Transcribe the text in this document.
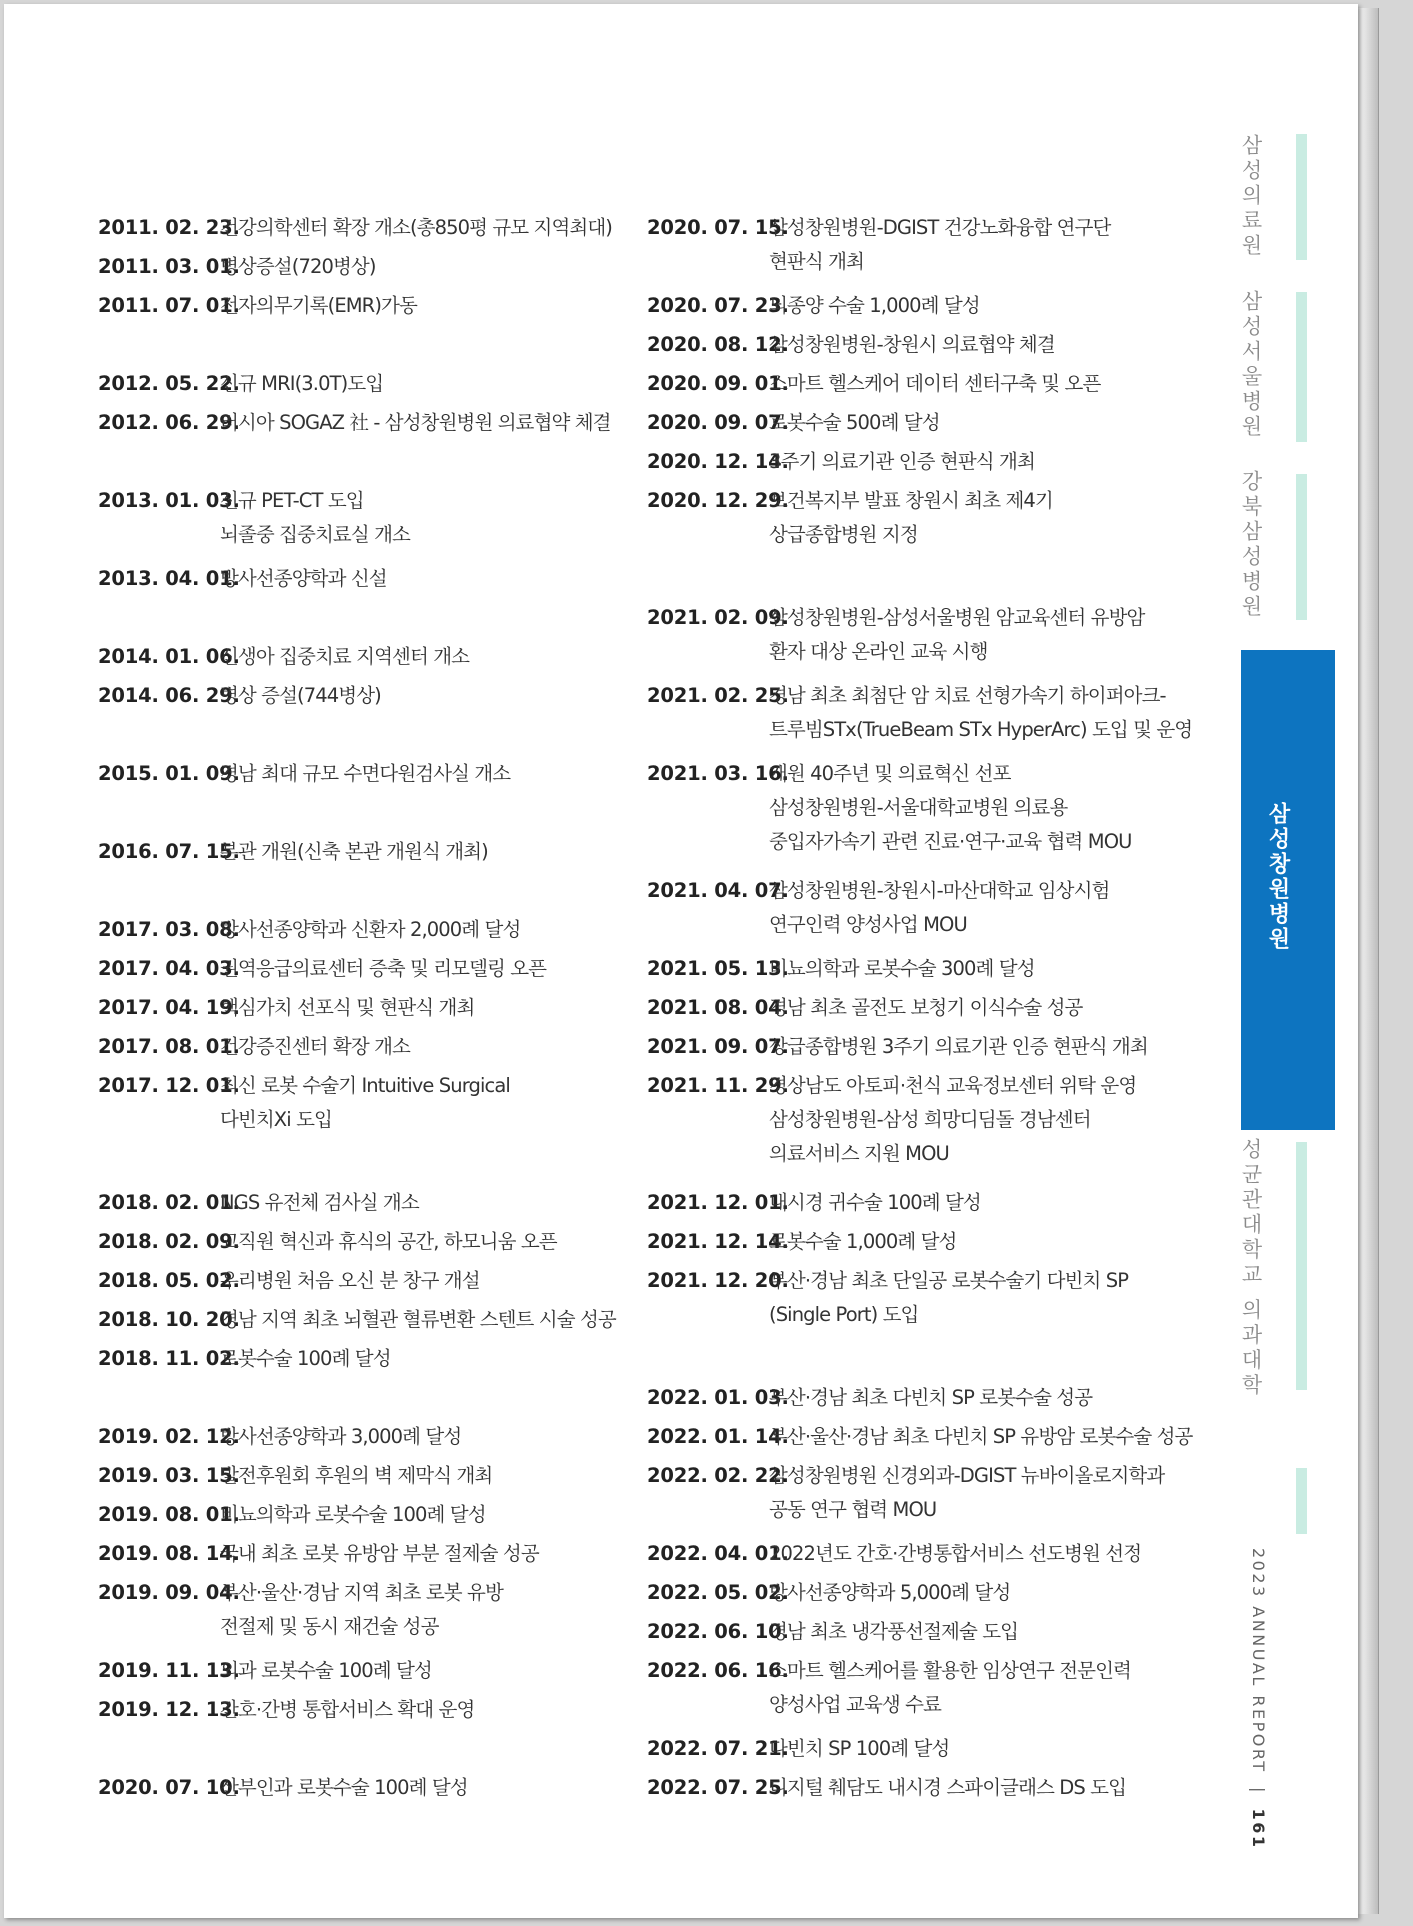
2011. 02. 23.
건강의학센터 확장 개소(총850평 규모 지역최대)
2011. 03. 01.
병상증설(720병상)
2011. 07. 01.
전자의무기록(EMR)가동
2012. 05. 22.
신규 MRI(3.0T)도입
2012. 06. 29.
러시아 SOGAZ 社 - 삼성창원병원 의료협약 체결
2013. 01. 03.
신규 PET-CT 도입
뇌졸중 집중치료실 개소
2013. 04. 01.
방사선종양학과 신설
2014. 01. 06.
신생아 집중치료 지역센터 개소
2014. 06. 29.
병상 증설(744병상)
2015. 01. 09.
경남 최대 규모 수면다원검사실 개소
2016. 07. 15.
본관 개원(신축 본관 개원식 개최)
2017. 03. 08.
방사선종양학과 신환자 2,000례 달성
2017. 04. 03.
권역응급의료센터 증축 및 리모델링 오픈
2017. 04. 19.
핵심가치 선포식 및 현판식 개최
2017. 08. 01.
건강증진센터 확장 개소
2017. 12. 01.
최신 로봇 수술기 Intuitive Surgical
다빈치Xi 도입
2018. 02. 01.
NGS 유전체 검사실 개소
2018. 02. 09.
교직원 혁신과 휴식의 공간, 하모니움 오픈
2018. 05. 02.
우리병원 처음 오신 분 창구 개설
2018. 10. 20.
경남 지역 최초 뇌혈관 혈류변환 스텐트 시술 성공
2018. 11. 02.
로봇수술 100례 달성
2019. 02. 12.
방사선종양학과 3,000례 달성
2019. 03. 15.
발전후원회 후원의 벽 제막식 개최
2019. 08. 01.
비뇨의학과 로봇수술 100례 달성
2019. 08. 14.
국내 최초 로봇 유방암 부분 절제술 성공
2019. 09. 04.
부산·울산·경남 지역 최초 로봇 유방
전절제 및 동시 재건술 성공
2019. 11. 13.
외과 로봇수술 100례 달성
2019. 12. 13.
간호·간병 통합서비스 확대 운영
2020. 07. 10.
산부인과 로봇수술 100례 달성
2020. 07. 15.
삼성창원병원-DGIST 건강노화융합 연구단
현판식 개최
2020. 07. 23.
뇌종양 수술 1,000례 달성
2020. 08. 12.
삼성창원병원-창원시 의료협약 체결
2020. 09. 01.
스마트 헬스케어 데이터 센터구축 및 오픈
2020. 09. 07.
로봇수술 500례 달성
2020. 12. 14.
3주기 의료기관 인증 현판식 개최
2020. 12. 29.
보건복지부 발표 창원시 최초 제4기
상급종합병원 지정
2021. 02. 09.
삼성창원병원-삼성서울병원 암교육센터 유방암
환자 대상 온라인 교육 시행
2021. 02. 25.
경남 최초 최첨단 암 치료 선형가속기 하이퍼아크-
트루빔STx(TrueBeam STx HyperArc) 도입 및 운영
2021. 03. 16.
개원 40주년 및 의료혁신 선포
삼성창원병원-서울대학교병원 의료용
중입자가속기 관련 진료·연구·교육 협력 MOU
2021. 04. 07.
삼성창원병원-창원시-마산대학교 임상시험
연구인력 양성사업 MOU
2021. 05. 13.
비뇨의학과 로봇수술 300례 달성
2021. 08. 04.
경남 최초 골전도 보청기 이식수술 성공
2021. 09. 07.
상급종합병원 3주기 의료기관 인증 현판식 개최
2021. 11. 29.
경상남도 아토피·천식 교육정보센터 위탁 운영
삼성창원병원-삼성 희망디딤돌 경남센터
의료서비스 지원 MOU
2021. 12. 01.
내시경 귀수술 100례 달성
2021. 12. 14.
로봇수술 1,000례 달성
2021. 12. 20.
부산·경남 최초 단일공 로봇수술기 다빈치 SP
(Single Port) 도입
2022. 01. 03.
부산·경남 최초 다빈치 SP 로봇수술 성공
2022. 01. 14.
부산·울산·경남 최초 다빈치 SP 유방암 로봇수술 성공
2022. 02. 22.
삼성창원병원 신경외과-DGIST 뉴바이올로지학과
공동 연구 협력 MOU
2022. 04. 01.
2022년도 간호·간병통합서비스 선도병원 선정
2022. 05. 02.
방사선종양학과 5,000례 달성
2022. 06. 10.
경남 최초 냉각풍선절제술 도입
2022. 06. 16.
스마트 헬스케어를 활용한 임상연구 전문인력
양성사업 교육생 수료
2022. 07. 21.
다빈치 SP 100례 달성
2022. 07. 25.
디지털 췌담도 내시경 스파이글래스 DS 도입
삼성의료원
삼성서울병원
강북삼성병원
삼성창원병원
성균관대학교 의과대학
2023 ANNUAL REPORT | 161
